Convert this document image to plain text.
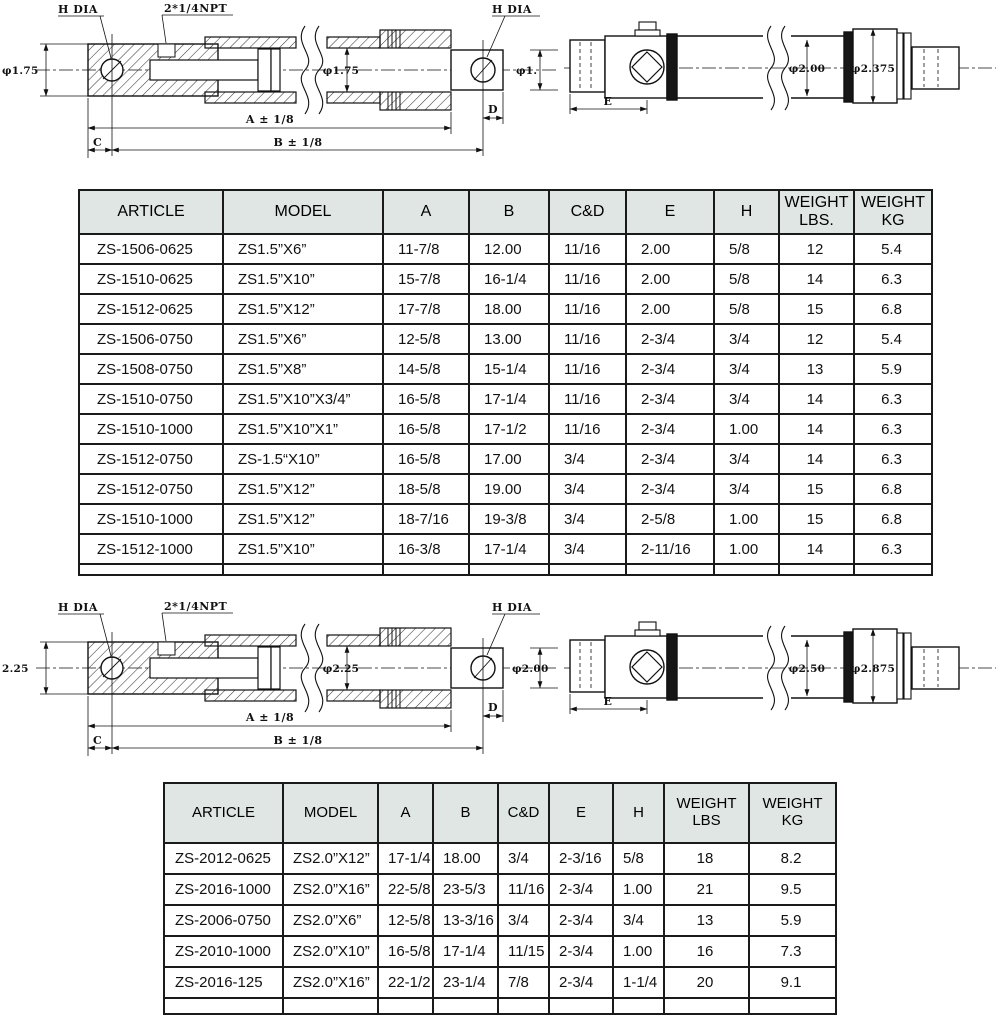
H DIA	2*1/4NPT	H DIA
φ1.75	φ1.75	φ1.
A ± 1/8
B ± 1/8
C
D
φ2.00 φ2.375
E
ARTICLE	MODEL	A	B	C&D	E	H	WEIGHT LBS.	WEIGHT KG
ZS-1506-0625	ZS1.5”X6”	11-7/8	12.00	11/16	2.00	5/8	12	5.4
ZS-1510-0625	ZS1.5”X10”	15-7/8	16-1/4	11/16	2.00	5/8	14	6.3
ZS-1512-0625	ZS1.5”X12”	17-7/8	18.00	11/16	2.00	5/8	15	6.8
ZS-1506-0750	ZS1.5”X6”	12-5/8	13.00	11/16	2-3/4	3/4	12	5.4
ZS-1508-0750	ZS1.5”X8”	14-5/8	15-1/4	11/16	2-3/4	3/4	13	5.9
ZS-1510-0750	ZS1.5”X10”X3/4”	16-5/8	17-1/4	11/16	2-3/4	3/4	14	6.3
ZS-1510-1000	ZS1.5”X10”X1”	16-5/8	17-1/2	11/16	2-3/4	1.00	14	6.3
ZS-1512-0750	ZS-1.5“X10”	16-5/8	17.00	3/4	2-3/4	3/4	14	6.3
ZS-1512-0750	ZS1.5”X12”	18-5/8	19.00	3/4	2-3/4	3/4	15	6.8
ZS-1510-1000	ZS1.5”X12”	18-7/16	19-3/8	3/4	2-5/8	1.00	15	6.8
ZS-1512-1000	ZS1.5”X10”	16-3/8	17-1/4	3/4	2-11/16	1.00	14	6.3

H DIA	2*1/4NPT	H DIA
2.25	φ2.25	φ2.00
A ± 1/8
B ± 1/8
C
D
φ2.50 φ2.875
E
ARTICLE	MODEL	A	B	C&D	E	H	WEIGHT LBS	WEIGHT KG
ZS-2012-0625	ZS2.0”X12”	17-1/4	18.00	3/4	2-3/16	5/8	18	8.2
ZS-2016-1000	ZS2.0”X16”	22-5/8	23-5/3	11/16	2-3/4	1.00	21	9.5
ZS-2006-0750	ZS2.0”X6”	12-5/8	13-3/16	3/4	2-3/4	3/4	13	5.9
ZS-2010-1000	ZS2.0”X10”	16-5/8	17-1/4	11/15	2-3/4	1.00	16	7.3
ZS-2016-125	ZS2.0”X16”	22-1/2	23-1/4	7/8	2-3/4	1-1/4	20	9.1
